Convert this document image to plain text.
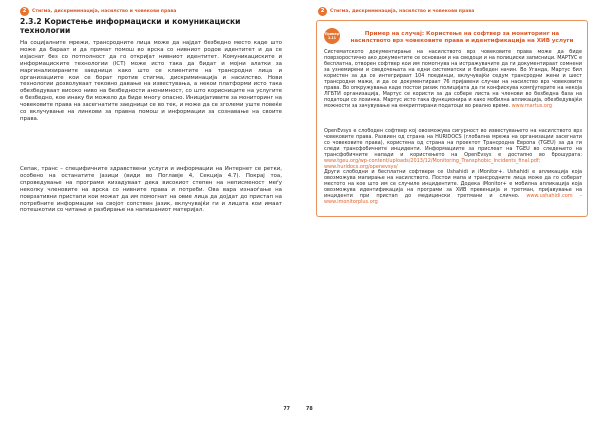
2	Стигма, дискриминација, насилство и човекови права
2.3.2 Користење информациски и комуникациски технологии

На социјалните мрежи, трансродните лица може да најдат безбедно место каде што може да бараат и да примат помош во врска со нивниот родов идентитет и да се изјаснат без со потполност да го откријат нивниот идентитет. Комуникациските и информациските технологии (ICT) може исто така да бидат и мојни алатки за маргинализираните заедници како што се клиентите на трансродни лица и организациите кои се борат против стигма, дискриминација и насилство. Нови технологии дозволуваат тековно давање на известувања, а некои платформи исто така обезбедуваат високо ниво на безбедности анонимност, со што корисниците на услугите е безбедно, кое инаку би можело да биде многу опасно. Иницијативите за мониторинг на човековите права на засегнатите заедници се во тек, и може да се зголеми уште повеќе со вклучување на линкови за правна помош и информации за сознавање на своите права.

Сепак, транс – специфичните здравствени услуги и информации на Интернет се ретки, особено на останатите јазици (види во Поглавје 4, Секција 4.7). Покрај тоа, спроведување на програми кизадуваат дека високиот степен на неписменост меѓу неколку членовите на врска со нивните права и потреби. Ова вара изнаоѓање на поврзативни пристапи кои можат да им помогнат на овие лица да дојдат до пристап на потребните информации на својот сопствен јазик, вклучувајќи ги и лицата кои имаат потешкотии со читање и разбирање на напишаниот материјал.

77
2	Стигма, дискриминација, насилство и човекови права
Пример 2.11
Пример на случај: Користење на софтвер за мониторинг на насилството врз човековите права и идентификација на ХИВ услуги

Систематското документирање на насилството врз човековите права може да биде поврзоростично ако документите се основани и на сведоци и на полициски записници. МАРТУС е бесплатна, отворен софтвер кои им помогнува на истражувачите да ги документираат сомнени за узнемирени и сведочењата на едни систематски и безбеден начин. Во Уганда, Мартус бил користен за да се интегрираат 104 поединци, вклучувајќи седум трансродни жени и шест трансродни мажи, и да се документираат 76 пријавени случаи на насилство врз човековите права. Во опкружувањa каде постои ризик полицијата да ги конфискува компјутерите на некоја ЛГБТИ организација, Мартус се користи за да собере листа на членови во безбедна база на податоци со лозинка. Мартус исто така функционира и како мобилна апликација, обезбедувајќи можности за зачувување на енкриптирани податоци во реално време. www.martus.org

OpenEvsys е слободен софтвер кој овозможува сигурност во известувањето на насилството врз човековите права. Развиен од страна на HURIDOCS (глобална мрежа на организации засегнати со човековите права), користена од страна на проектот Трансродна Европа (TGEU) за да ги следи трансфобичните инциденти. Информациите за прислеат на TGEU во следењето на трансфобичните напади и користењето на OpenEvsys е достапно во брошурата: www.tgeu.org/wp-content/uploads/2013/12/Monitoring_Transphobic_Incidents_final.pdf; www.huridocs.org/openevsys/

Други слободни и бесплатни софтвери се Ushahidi и iMonitor+. Ushahidi е апликација која овозможува мапирање на насилството. Постои мапа и трансродните лица може да го соберат местото на кое што им се случиле инцидентите. Додека iMonitor+ е мобилна апликација која овозможува идентификација на програми за ХИВ превенција и третман, пријавување на инциденти при пристап до медицински третмани и слично. www.ushahidi.com – www.imonitorplus.org

78
